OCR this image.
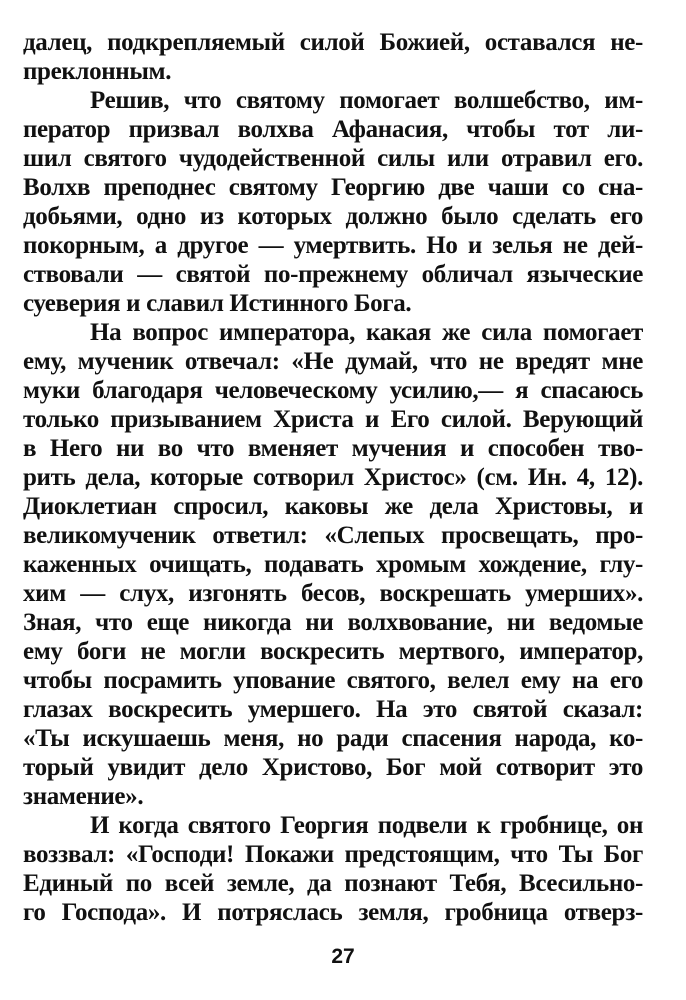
далец, подкрепляемый силой Божией, оставался не-
преклонным.
Решив, что святому помогает волшебство, им-
ператор призвал волхва Афанасия, чтобы тот ли-
шил святого чудодейственной силы или отравил его.
Волхв преподнес святому Георгию две чаши со сна-
добьями, одно из которых должно было сделать его
покорным, а другое — умертвить. Но и зелья не дей-
ствовали — святой по-прежнему обличал языческие
суеверия и славил Истинного Бога.
На вопрос императора, какая же сила помогает
ему, мученик отвечал: «Не думай, что не вредят мне
муки благодаря человеческому усилию,— я спасаюсь
только призыванием Христа и Его силой. Верующий
в Него ни во что вменяет мучения и способен тво-
рить дела, которые сотворил Христос» (см. Ин. 4, 12).
Диоклетиан спросил, каковы же дела Христовы, и
великомученик ответил: «Слепых просвещать, про-
каженных очищать, подавать хромым хождение, глу-
хим — слух, изгонять бесов, воскрешать умерших».
Зная, что еще никогда ни волхвование, ни ведомые
ему боги не могли воскресить мертвого, император,
чтобы посрамить упование святого, велел ему на его
глазах воскресить умершего. На это святой сказал:
«Ты искушаешь меня, но ради спасения народа, ко-
торый увидит дело Христово, Бог мой сотворит это
знамение».
И когда святого Георгия подвели к гробнице, он
воззвал: «Господи! Покажи предстоящим, что Ты Бог
Единый по всей земле, да познают Тебя, Всесильно-
го Господа». И потряслась земля, гробница отверз-
27
